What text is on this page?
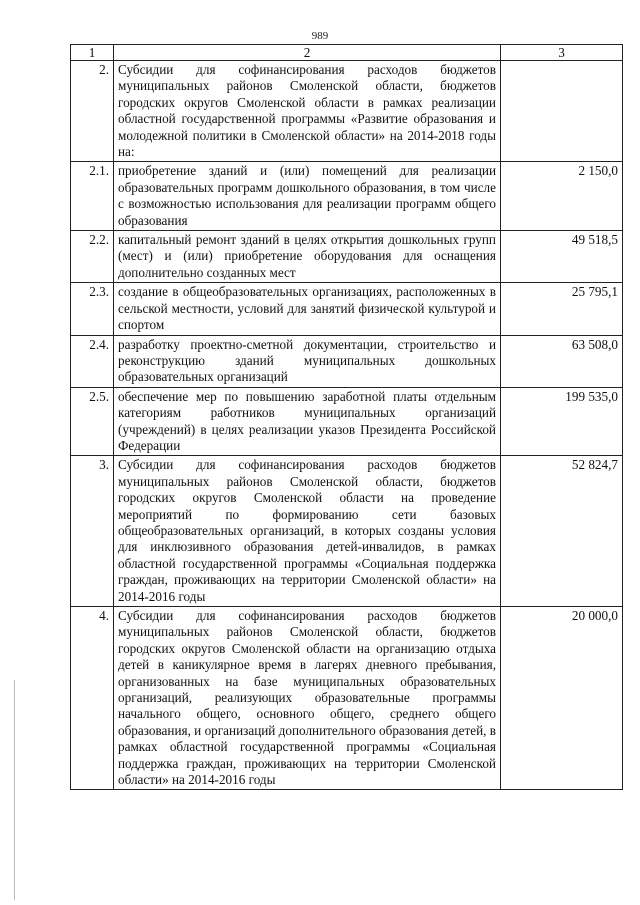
989
1	2	3
2.	Субсидии для софинансирования расходов бюджетов муниципальных районов Смоленской области, бюджетов городских округов Смоленской области в рамках реализации областной государственной программы «Развитие образования и молодежной политики в Смоленской области» на 2014-2018 годы на:	
2.1.	приобретение зданий и (или) помещений для реализации образовательных программ дошкольного образования, в том числе с возможностью использования для реализации программ общего образования	2 150,0
2.2.	капитальный ремонт зданий в целях открытия дошкольных групп (мест) и (или) приобретение оборудования для оснащения дополнительно созданных мест	49 518,5
2.3.	создание в общеобразовательных организациях, расположенных в сельской местности, условий для занятий физической культурой и спортом	25 795,1
2.4.	разработку проектно-сметной документации, строительство и реконструкцию зданий муниципальных дошкольных образовательных организаций	63 508,0
2.5.	обеспечение мер по повышению заработной платы отдельным категориям работников муниципальных организаций (учреждений) в целях реализации указов Президента Российской Федерации	199 535,0
3.	Субсидии для софинансирования расходов бюджетов муниципальных районов Смоленской области, бюджетов городских округов Смоленской области на проведение мероприятий по формированию сети базовых общеобразовательных организаций, в которых созданы условия для инклюзивного образования детей-инвалидов, в рамках областной государственной программы «Социальная поддержка граждан, проживающих на территории Смоленской области» на 2014-2016 годы	52 824,7
4.	Субсидии для софинансирования расходов бюджетов муниципальных районов Смоленской области, бюджетов городских округов Смоленской области на организацию отдыха детей в каникулярное время в лагерях дневного пребывания, организованных на базе муниципальных образовательных организаций, реализующих образовательные программы начального общего, основного общего, среднего общего образования, и организаций дополнительного образования детей, в рамках областной государственной программы «Социальная поддержка граждан, проживающих на территории Смоленской области» на 2014-2016 годы	20 000,0
